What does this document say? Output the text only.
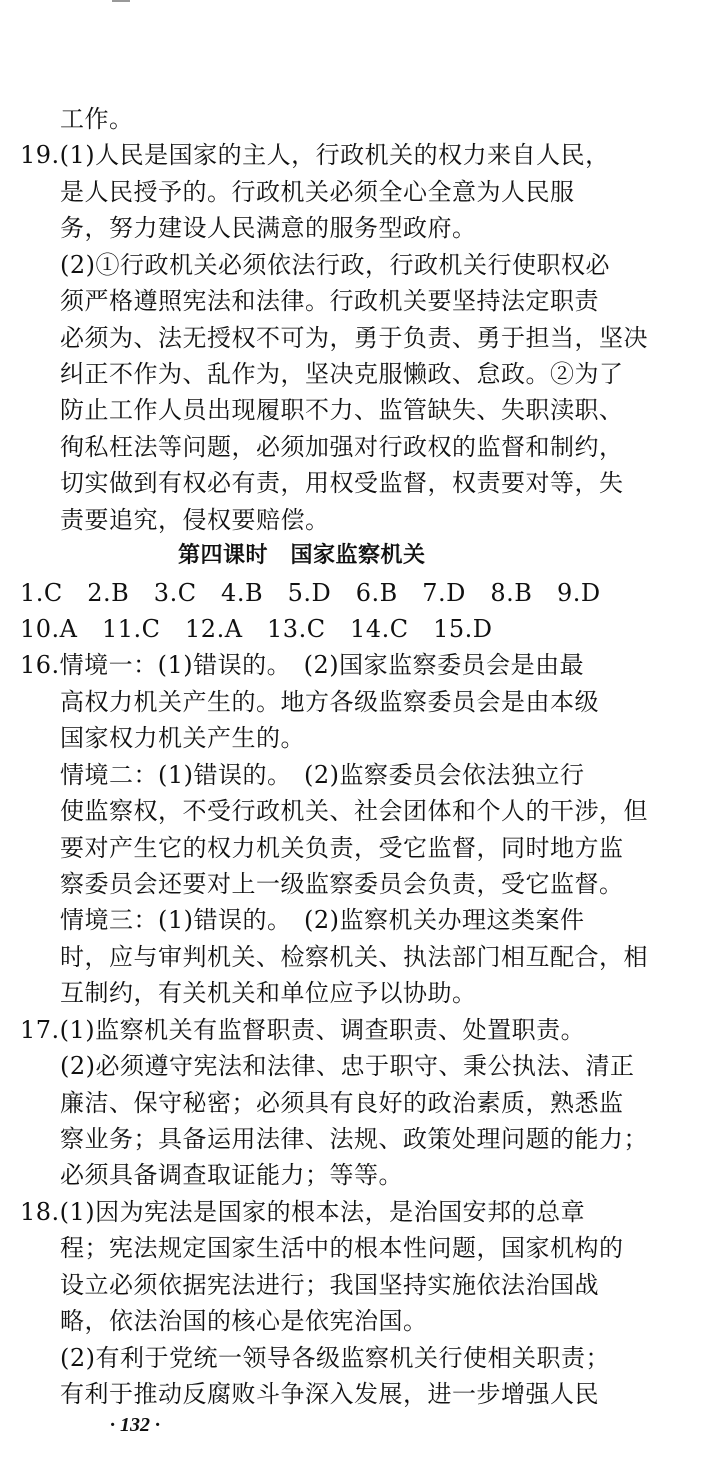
工作。
19.(1)人民是国家的主人，行政机关的权力来自人民，
是人民授予的。行政机关必须全心全意为人民服
务，努力建设人民满意的服务型政府。
(2)①行政机关必须依法行政，行政机关行使职权必
须严格遵照宪法和法律。行政机关要坚持法定职责
必须为、法无授权不可为，勇于负责、勇于担当，坚决
纠正不作为、乱作为，坚决克服懒政、怠政。②为了
防止工作人员出现履职不力、监管缺失、失职渎职、
徇私枉法等问题，必须加强对行政权的监督和制约，
切实做到有权必有责，用权受监督，权责要对等，失
责要追究，侵权要赔偿。
第四课时　国家监察机关
1.C　2.B　3.C　4.B　5.D　6.B　7.D　8.B　9.D
10.A　11.C　12.A　13.C　14.C　15.D
16.情境一：(1)错误的。　(2)国家监察委员会是由最
高权力机关产生的。地方各级监察委员会是由本级
国家权力机关产生的。
情境二：(1)错误的。　(2)监察委员会依法独立行
使监察权，不受行政机关、社会团体和个人的干涉，但
要对产生它的权力机关负责，受它监督，同时地方监
察委员会还要对上一级监察委员会负责，受它监督。
情境三：(1)错误的。　(2)监察机关办理这类案件
时，应与审判机关、检察机关、执法部门相互配合，相
互制约，有关机关和单位应予以协助。
17.(1)监察机关有监督职责、调查职责、处置职责。
(2)必须遵守宪法和法律、忠于职守、秉公执法、清正
廉洁、保守秘密；必须具有良好的政治素质，熟悉监
察业务；具备运用法律、法规、政策处理问题的能力；
必须具备调查取证能力；等等。
18.(1)因为宪法是国家的根本法，是治国安邦的总章
程；宪法规定国家生活中的根本性问题，国家机构的
设立必须依据宪法进行；我国坚持实施依法治国战
略，依法治国的核心是依宪治国。
(2)有利于党统一领导各级监察机关行使相关职责；
有利于推动反腐败斗争深入发展，进一步增强人民
· 132 ·
